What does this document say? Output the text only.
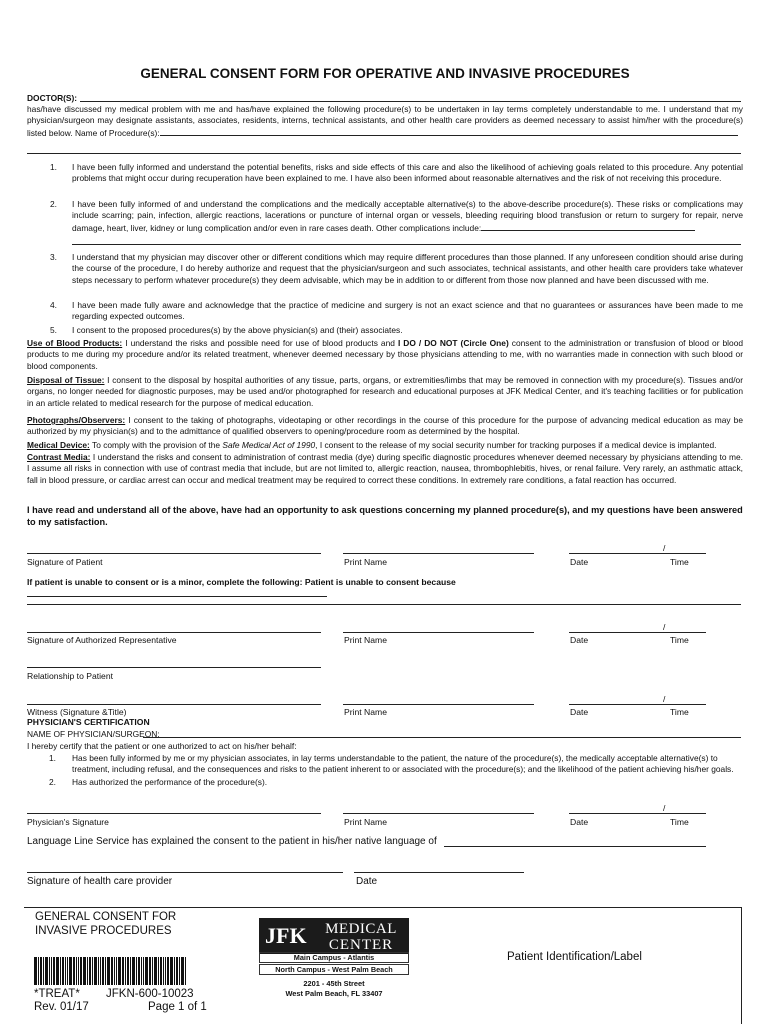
GENERAL CONSENT FORM FOR OPERATIVE AND INVASIVE PROCEDURES
DOCTOR(S):
has/have discussed my medical problem with me and has/have explained the following procedure(s) to be undertaken in lay terms completely understandable to me. I understand that my physician/surgeon may designate assistants, associates, residents, interns, technical assistants, and other health care providers as deemed necessary to assist him/her with the procedure(s) listed below. Name of Procedure(s):
1. I have been fully informed and understand the potential benefits, risks and side effects of this care and also the likelihood of achieving goals related to this procedure. Any potential problems that might occur during recuperation have been explained to me. I have also been informed about reasonable alternatives and the risk of not receiving this procedure.
2. I have been fully informed of and understand the complications and the medically acceptable alternative(s) to the above-describe procedure(s). These risks or complications may include scarring; pain, infection, allergic reactions, lacerations or puncture of internal organ or vessels, bleeding requiring blood transfusion or return to surgery for repair, nerve damage, heart, liver, kidney or lung complication and/or even in rare cases death. Other complications include:
3. I understand that my physician may discover other or different conditions which may require different procedures than those planned. If any unforeseen condition should arise during the course of the procedure, I do hereby authorize and request that the physician/surgeon and such associates, technical assistants, and other health care providers take whatever steps necessary to perform whatever procedure(s) they deem advisable, which may be in addition to or different from those now planned and have been discussed with me.
4. I have been made fully aware and acknowledge that the practice of medicine and surgery is not an exact science and that no guarantees or assurances have been made to me regarding expected outcomes.
5. I consent to the proposed procedures(s) by the above physician(s) and (their) associates.
Use of Blood Products: I understand the risks and possible need for use of blood products and I DO / DO NOT (Circle One) consent to the administration or transfusion of blood or blood products to me during my procedure and/or its related treatment, whenever deemed necessary by those physicians attending to me, with no warranties made in connection with such blood or blood components.
Disposal of Tissue: I consent to the disposal by hospital authorities of any tissue, parts, organs, or extremities/limbs that may be removed in connection with my procedure(s). Tissues and/or organs, no longer needed for diagnostic purposes, may be used and/or photographed for research and educational purposes at JFK Medical Center, and it's teaching facilities or for publication in an article related to medical research for the purpose of medical education.
Photographs/Observers: I consent to the taking of photographs, videotaping or other recordings in the course of this procedure for the purpose of advancing medical education as may be authorized by my physician(s) and to the admittance of qualified observers to opening/procedure room as determined by the hospital.
Medical Device: To comply with the provision of the Safe Medical Act of 1990, I consent to the release of my social security number for tracking purposes if a medical device is implanted.
Contrast Media: I understand the risks and consent to administration of contrast media (dye) during specific diagnostic procedures whenever deemed necessary by physicians attending to me. I assume all risks in connection with use of contrast media that include, but are not limited to, allergic reaction, nausea, thrombophlebitis, hives, or renal failure. Very rarely, an asthmatic attack, fall in blood pressure, or cardiac arrest can occur and medical treatment may be required to correct these conditions. In extremely rare conditions, a fatal reaction has occurred.
I have read and understand all of the above, have had an opportunity to ask questions concerning my planned procedure(s), and my questions have been answered to my satisfaction.
/
Signature of Patient	Print Name	Date	Time
If patient is unable to consent or is a minor, complete the following: Patient is unable to consent because
/
Signature of Authorized Representative	Print Name	Date	Time
Relationship to Patient
/
Witness (Signature &Title)	Print Name	Date	Time
PHYSICIAN'S CERTIFICATION
NAME OF PHYSICIAN/SURGEON:
I hereby certify that the patient or one authorized to act on his/her behalf:
1. Has been fully informed by me or my physician associates, in lay terms understandable to the patient, the nature of the procedure(s), the medically acceptable alternative(s) to treatment, including refusal, and the consequences and risks to the patient inherent to or associated with the procedure(s); and the likelihood of the patient achieving his/her goals.
2. Has authorized the performance of the procedure(s).
/
Physician's Signature	Print Name	Date	Time
Language Line Service has explained the consent to the patient in his/her native language of
Signature of health care provider	Date
GENERAL CONSENT FOR
INVASIVE PROCEDURES
*TREAT* JFKN-600-10023
Rev. 01/17	Page 1 of 1
JFK	MEDICAL
CENTER
Main Campus - Atlantis
North Campus - West Palm Beach
2201 - 45th Street
West Palm Beach, FL 33407
Patient Identification/Label
